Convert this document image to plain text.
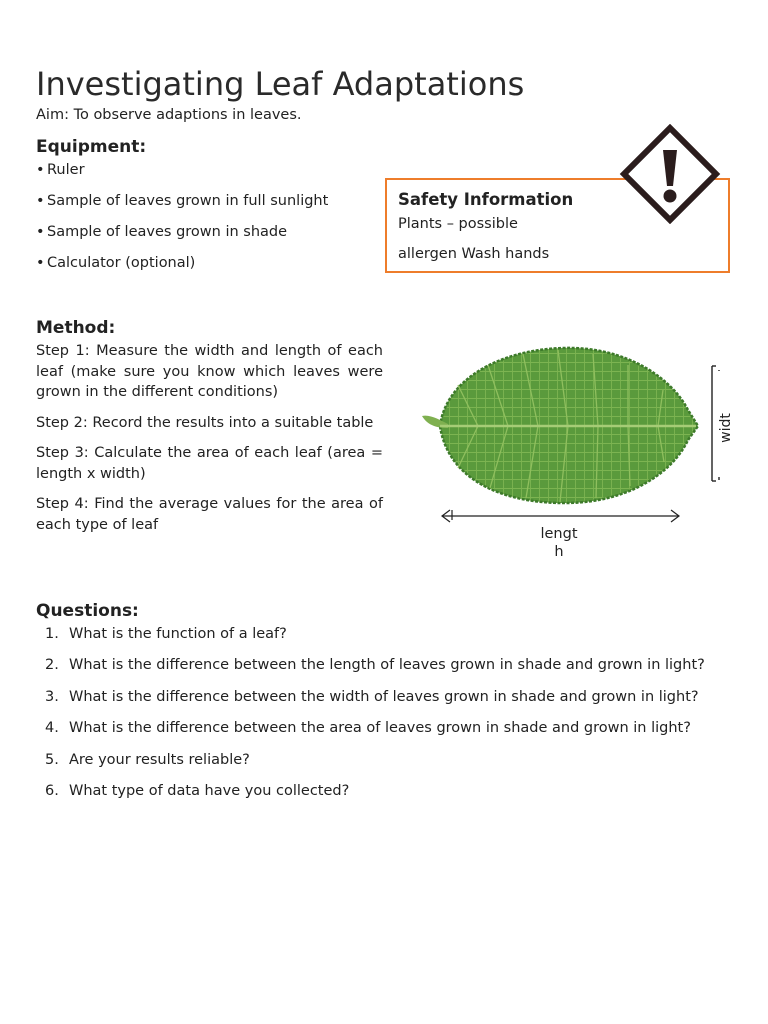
Investigating Leaf Adaptations
Aim: To observe adaptions in leaves.
Equipment:
• Ruler
• Sample of leaves grown in full sunlight
• Sample of leaves grown in shade
• Calculator (optional)
Safety Information
Plants – possible
allergen Wash hands
Method:

Step 1: Measure the width and length of each leaf (make sure you know which leaves were grown in the different conditions)

Step 2: Record the results into a suitable table

Step 3: Calculate the area of each leaf (area = length x width)

Step 4: Find the average values for the area of each type of leaf

lengt
h
widt
Questions:
1. What is the function of a leaf?
2. What is the difference between the length of leaves grown in shade and grown in light?
3. What is the difference between the width of leaves grown in shade and grown in light?
4. What is the difference between the area of leaves grown in shade and grown in light?
5. Are your results reliable?
6. What type of data have you collected?
